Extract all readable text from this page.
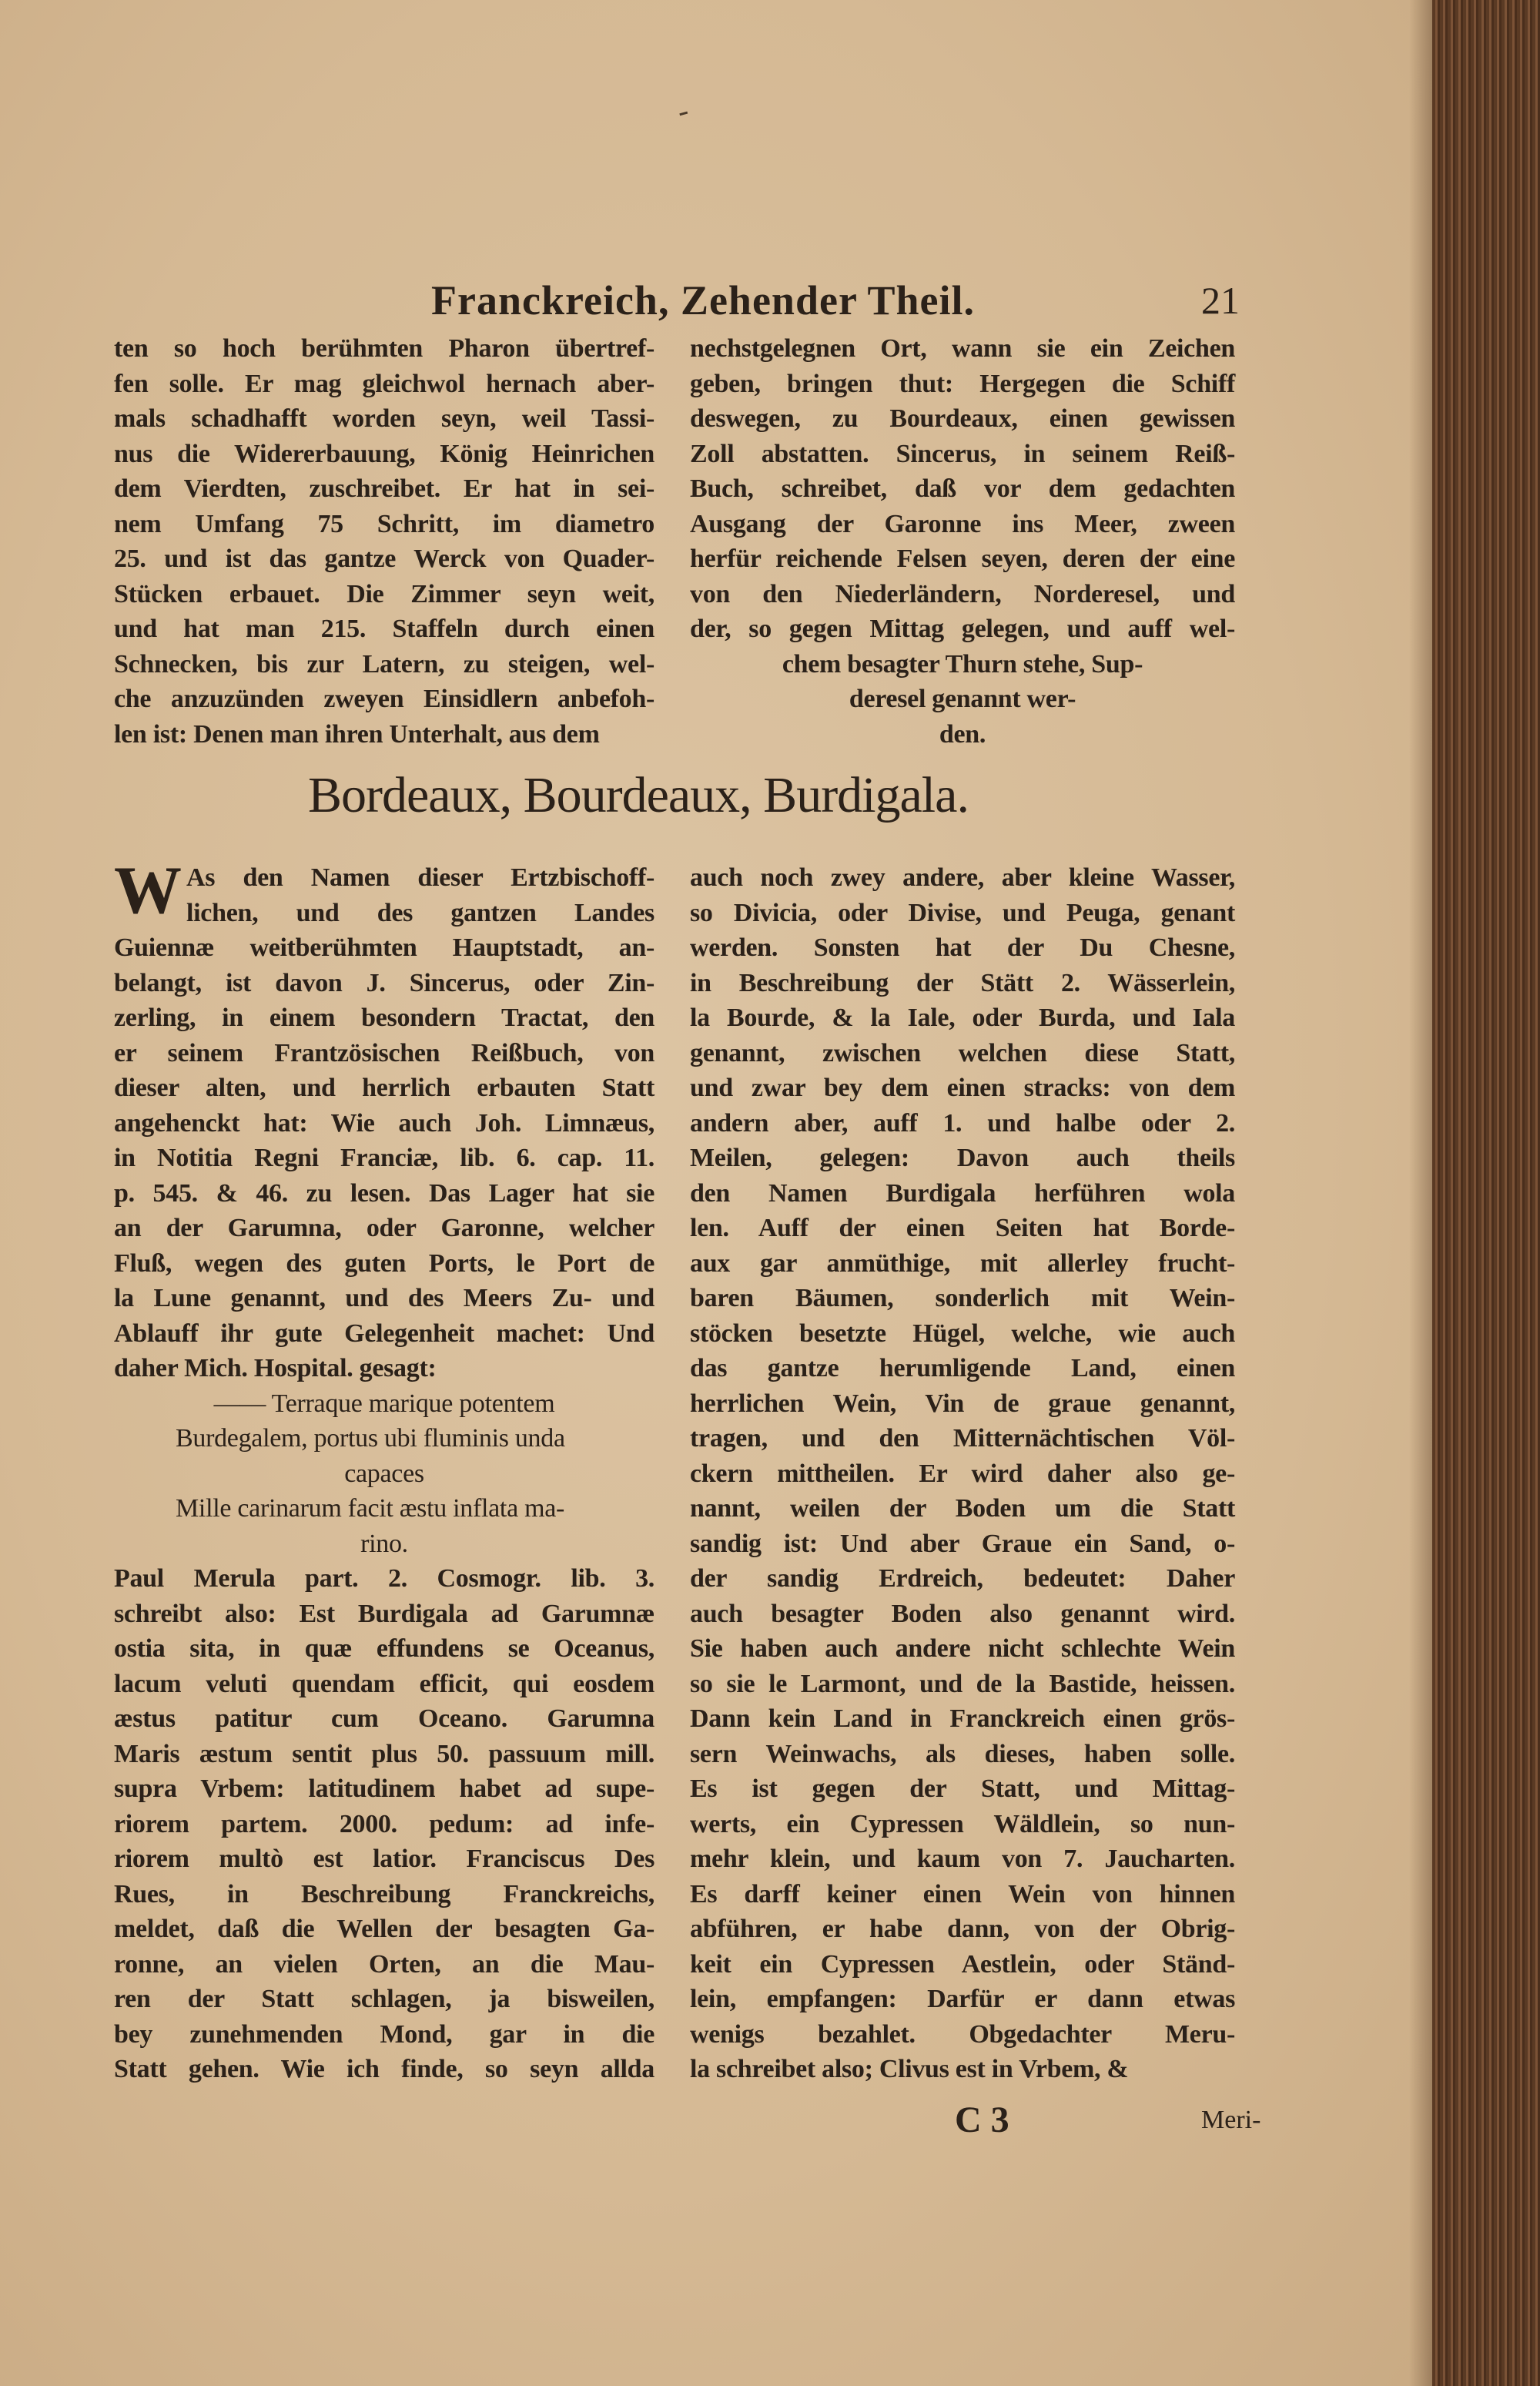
-
Franckreich, Zehender Theil.	21
ten so hoch berühmten Pharon übertref-
fen solle. Er mag gleichwol hernach aber-
mals schadhafft worden seyn, weil Tassi-
nus die Widererbauung, König Heinrichen
dem Vierdten, zuschreibet. Er hat in sei-
nem Umfang 75 Schritt, im diametro
25. und ist das gantze Werck von Quader-
Stücken erbauet. Die Zimmer seyn weit,
und hat man 215. Staffeln durch einen
Schnecken, bis zur Latern, zu steigen, wel-
che anzuzünden zweyen Einsidlern anbefoh-
len ist: Denen man ihren Unterhalt, aus dem
nechstgelegnen Ort, wann sie ein Zeichen
geben, bringen thut: Hergegen die Schiff
deswegen, zu Bourdeaux, einen gewissen
Zoll abstatten. Sincerus, in seinem Reiß-
Buch, schreibet, daß vor dem gedachten
Ausgang der Garonne ins Meer, zween
herfür reichende Felsen seyen, deren der eine
von den Niederländern, Norderesel, und
der, so gegen Mittag gelegen, und auff wel-
chem besagter Thurn stehe, Sup-
deresel genannt wer-
den.
Bordeaux, Bourdeaux, Burdigala.
W As den Namen dieser Ertzbischoff-
lichen, und des gantzen Landes
Guiennæ weitberühmten Hauptstadt, an-
belangt, ist davon J. Sincerus, oder Zin-
zerling, in einem besondern Tractat, den
er seinem Frantzösischen Reißbuch, von
dieser alten, und herrlich erbauten Statt
angehenckt hat: Wie auch Joh. Limnæus,
in Notitia Regni Franciæ, lib. 6. cap. 11.
p. 545. & 46. zu lesen. Das Lager hat sie
an der Garumna, oder Garonne, welcher
Fluß, wegen des guten Ports, le Port de
la Lune genannt, und des Meers Zu- und
Ablauff ihr gute Gelegenheit machet: Und
daher Mich. Hospital. gesagt:
—— Terraque marique potentem
Burdegalem, portus ubi fluminis unda
capaces
Mille carinarum facit æstu inflata ma-
rino.
Paul Merula part. 2. Cosmogr. lib. 3.
schreibt also: Est Burdigala ad Garumnæ
ostia sita, in quæ effundens se Oceanus,
lacum veluti quendam efficit, qui eosdem
æstus patitur cum Oceano. Garumna
Maris æstum sentit plus 50. passuum mill.
supra Vrbem: latitudinem habet ad supe-
riorem partem. 2000. pedum: ad infe-
riorem multò est latior. Franciscus Des
Rues, in Beschreibung Franckreichs,
meldet, daß die Wellen der besagten Ga-
ronne, an vielen Orten, an die Mau-
ren der Statt schlagen, ja bisweilen,
bey zunehmenden Mond, gar in die
Statt gehen. Wie ich finde, so seyn allda
auch noch zwey andere, aber kleine Wasser,
so Divicia, oder Divise, und Peuga, genant
werden. Sonsten hat der Du Chesne,
in Beschreibung der Stätt 2. Wässerlein,
la Bourde, & la Iale, oder Burda, und Iala
genannt, zwischen welchen diese Statt,
und zwar bey dem einen stracks: von dem
andern aber, auff 1. und halbe oder 2.
Meilen, gelegen: Davon auch theils
den Namen Burdigala herführen wola
len. Auff der einen Seiten hat Borde-
aux gar anmüthige, mit allerley frucht-
baren Bäumen, sonderlich mit Wein-
stöcken besetzte Hügel, welche, wie auch
das gantze herumligende Land, einen
herrlichen Wein, Vin de graue genannt,
tragen, und den Mitternächtischen Völ-
ckern mittheilen. Er wird daher also ge-
nannt, weilen der Boden um die Statt
sandig ist: Und aber Graue ein Sand, o-
der sandig Erdreich, bedeutet: Daher
auch besagter Boden also genannt wird.
Sie haben auch andere nicht schlechte Wein
so sie le Larmont, und de la Bastide, heissen.
Dann kein Land in Franckreich einen grös-
sern Weinwachs, als dieses, haben solle.
Es ist gegen der Statt, und Mittag-
werts, ein Cypressen Wäldlein, so nun-
mehr klein, und kaum von 7. Jaucharten.
Es darff keiner einen Wein von hinnen
abführen, er habe dann, von der Obrig-
keit ein Cypressen Aestlein, oder Ständ-
lein, empfangen: Darfür er dann etwas
wenigs bezahlet. Obgedachter Meru-
la schreibet also; Clivus est in Vrbem, &
C 3	Meri-
